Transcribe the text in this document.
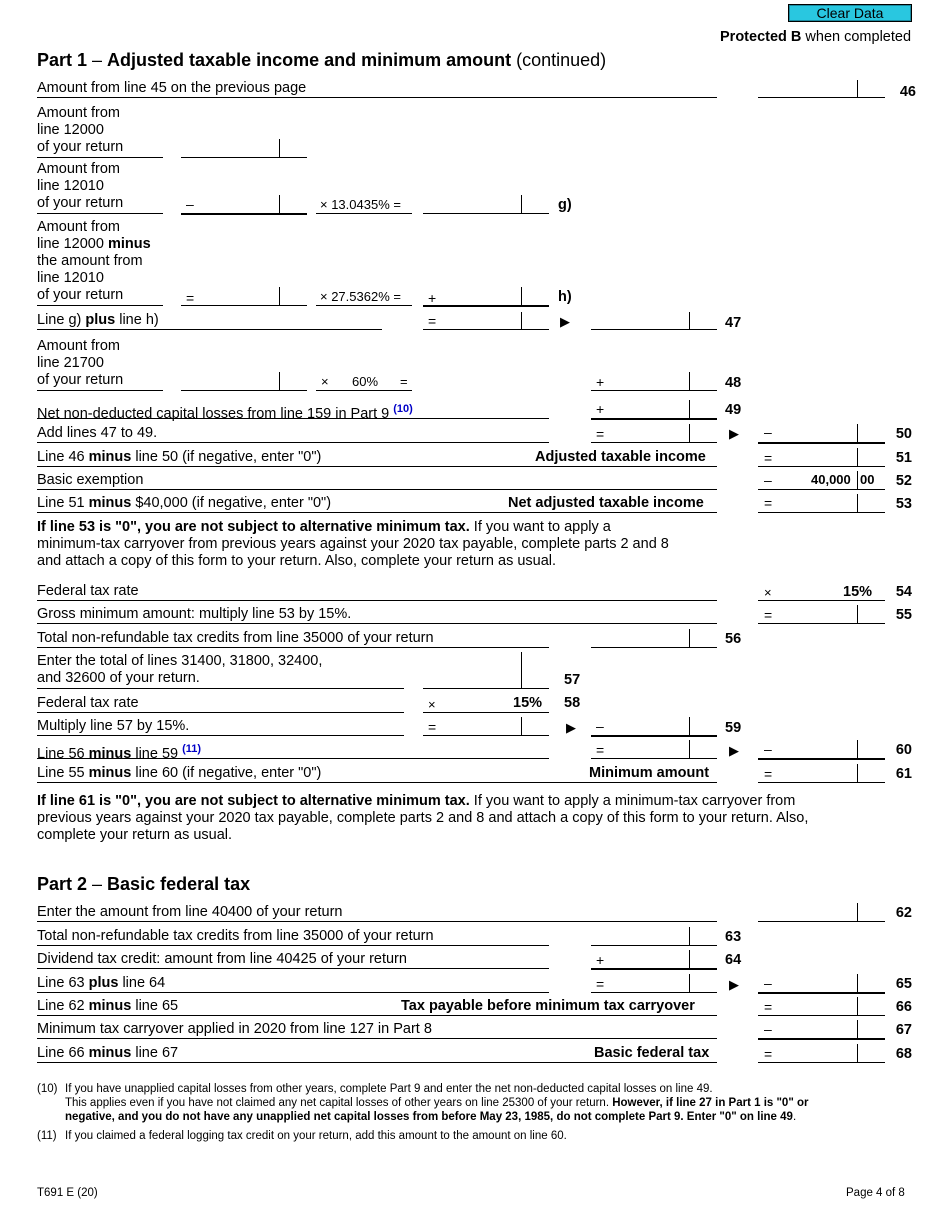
Clear Data
Protected B when completed
Part 1 – Adjusted taxable income and minimum amount (continued)
Amount from line 45 on the previous page	46
Amount from
line 12000
of your return
Amount from
line 12010
of your return	–	× 13.0435% =	g)
Amount from
line 12000 minus
the amount from
line 12010
of your return	=	× 27.5362% = +	h)
Line g) plus line h)	=	▶	47
Amount from
line 21700
of your return	× 60% =	+	48
Net non-deducted capital losses from line 159 in Part 9 $^{(10)}$	+	49
Add lines 47 to 49.	=	▶ –	50
Line 46 minus line 50 (if negative, enter "0")	Adjusted taxable income	=	51
Basic exemption	–	40,000 00	52
Line 51 minus $40,000 (if negative, enter "0")	Net adjusted taxable income	=	53
If line 53 is "0", you are not subject to alternative minimum tax. If you want to apply a
minimum-tax carryover from previous years against your 2020 tax payable, complete parts 2 and 8
and attach a copy of this form to your return. Also, complete your return as usual.
Federal tax rate	×	15%	54
Gross minimum amount: multiply line 53 by 15%.	=	55
Total non-refundable tax credits from line 35000 of your return	56
Enter the total of lines 31400, 31800, 32400,
and 32600 of your return.	57
Federal tax rate	×	15% 58
Multiply line 57 by 15%.	=	▶ –	59
Line 56 minus line 59 $^{(11)}$	=	▶ –	60
Line 55 minus line 60 (if negative, enter "0")	Minimum amount	=	61
If line 61 is "0", you are not subject to alternative minimum tax. If you want to apply a minimum-tax carryover from
previous years against your 2020 tax payable, complete parts 2 and 8 and attach a copy of this form to your return. Also,
complete your return as usual.
Part 2 – Basic federal tax
Enter the amount from line 40400 of your return	62
Total non-refundable tax credits from line 35000 of your return	63
Dividend tax credit: amount from line 40425 of your return	+	64
Line 63 plus line 64	=	▶ –	65
Line 62 minus line 65	Tax payable before minimum tax carryover	=	66
Minimum tax carryover applied in 2020 from line 127 in Part 8	–	67
Line 66 minus line 67	Basic federal tax	=	68
(10) If you have unapplied capital losses from other years, complete Part 9 and enter the net non-deducted capital losses on line 49.
This applies even if you have not claimed any net capital losses of other years on line 25300 of your return. However, if line 27 in Part 1 is "0" or
negative, and you do not have any unapplied net capital losses from before May 23, 1985, do not complete Part 9. Enter "0" on line 49.
(11) If you claimed a federal logging tax credit on your return, add this amount to the amount on line 60.
T691 E (20)	Page 4 of 8
